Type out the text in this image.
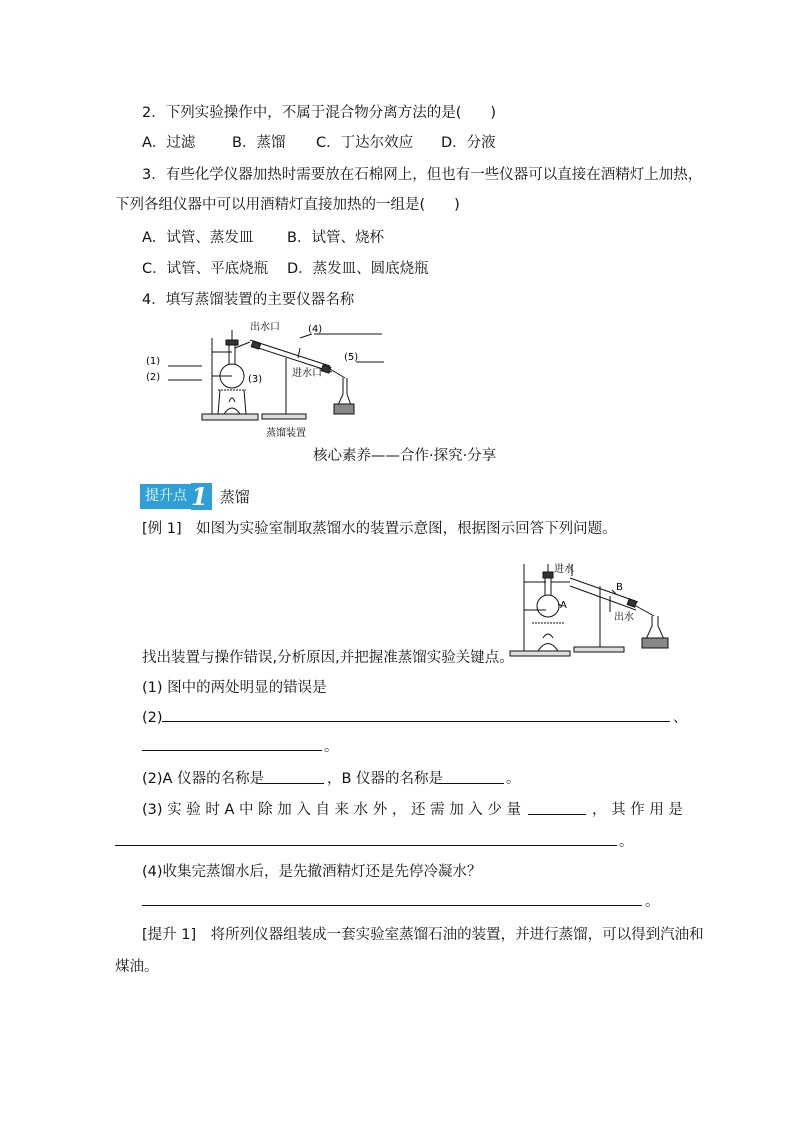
2．下列实验操作中，不属于混合物分离方法的是(　　)
A．过滤	B．蒸馏 C．丁达尔效应 D．分液
3．有些化学仪器加热时需要放在石棉网上，但也有一些仪器可以直接在酒精灯上加热，
下列各组仪器中可以用酒精灯直接加热的一组是(　　)
A．试管、蒸发皿 B．试管、烧杯
C．试管、平底烧瓶 D．蒸发皿、圆底烧瓶
4．填写蒸馏装置的主要仪器名称
出水口
进水口
(1)
(2)	(3)
(4)
(5)
蒸馏装置
核心素养——合作·探究·分享
提升点 1 蒸馏
[例 1]　如图为实验室制取蒸馏水的装置示意图，根据图示回答下列问题。
进水
出水
A
B
找出装置与操作错误,分析原因,并把握准蒸馏实验关键点。
(1) 图中的两处明显的错误是
(2)	、
。
(2)A 仪器的名称是	，B 仪器的名称是	。
(3) 实 验 时 A 中 除 加 入 自 来 水 外 ， 还 需 加 入 少 量	， 其 作 用 是
。
(4)收集完蒸馏水后，是先撤酒精灯还是先停冷凝水？
。
[提升 1]　将所列仪器组装成一套实验室蒸馏石油的装置，并进行蒸馏，可以得到汽油和
煤油。
